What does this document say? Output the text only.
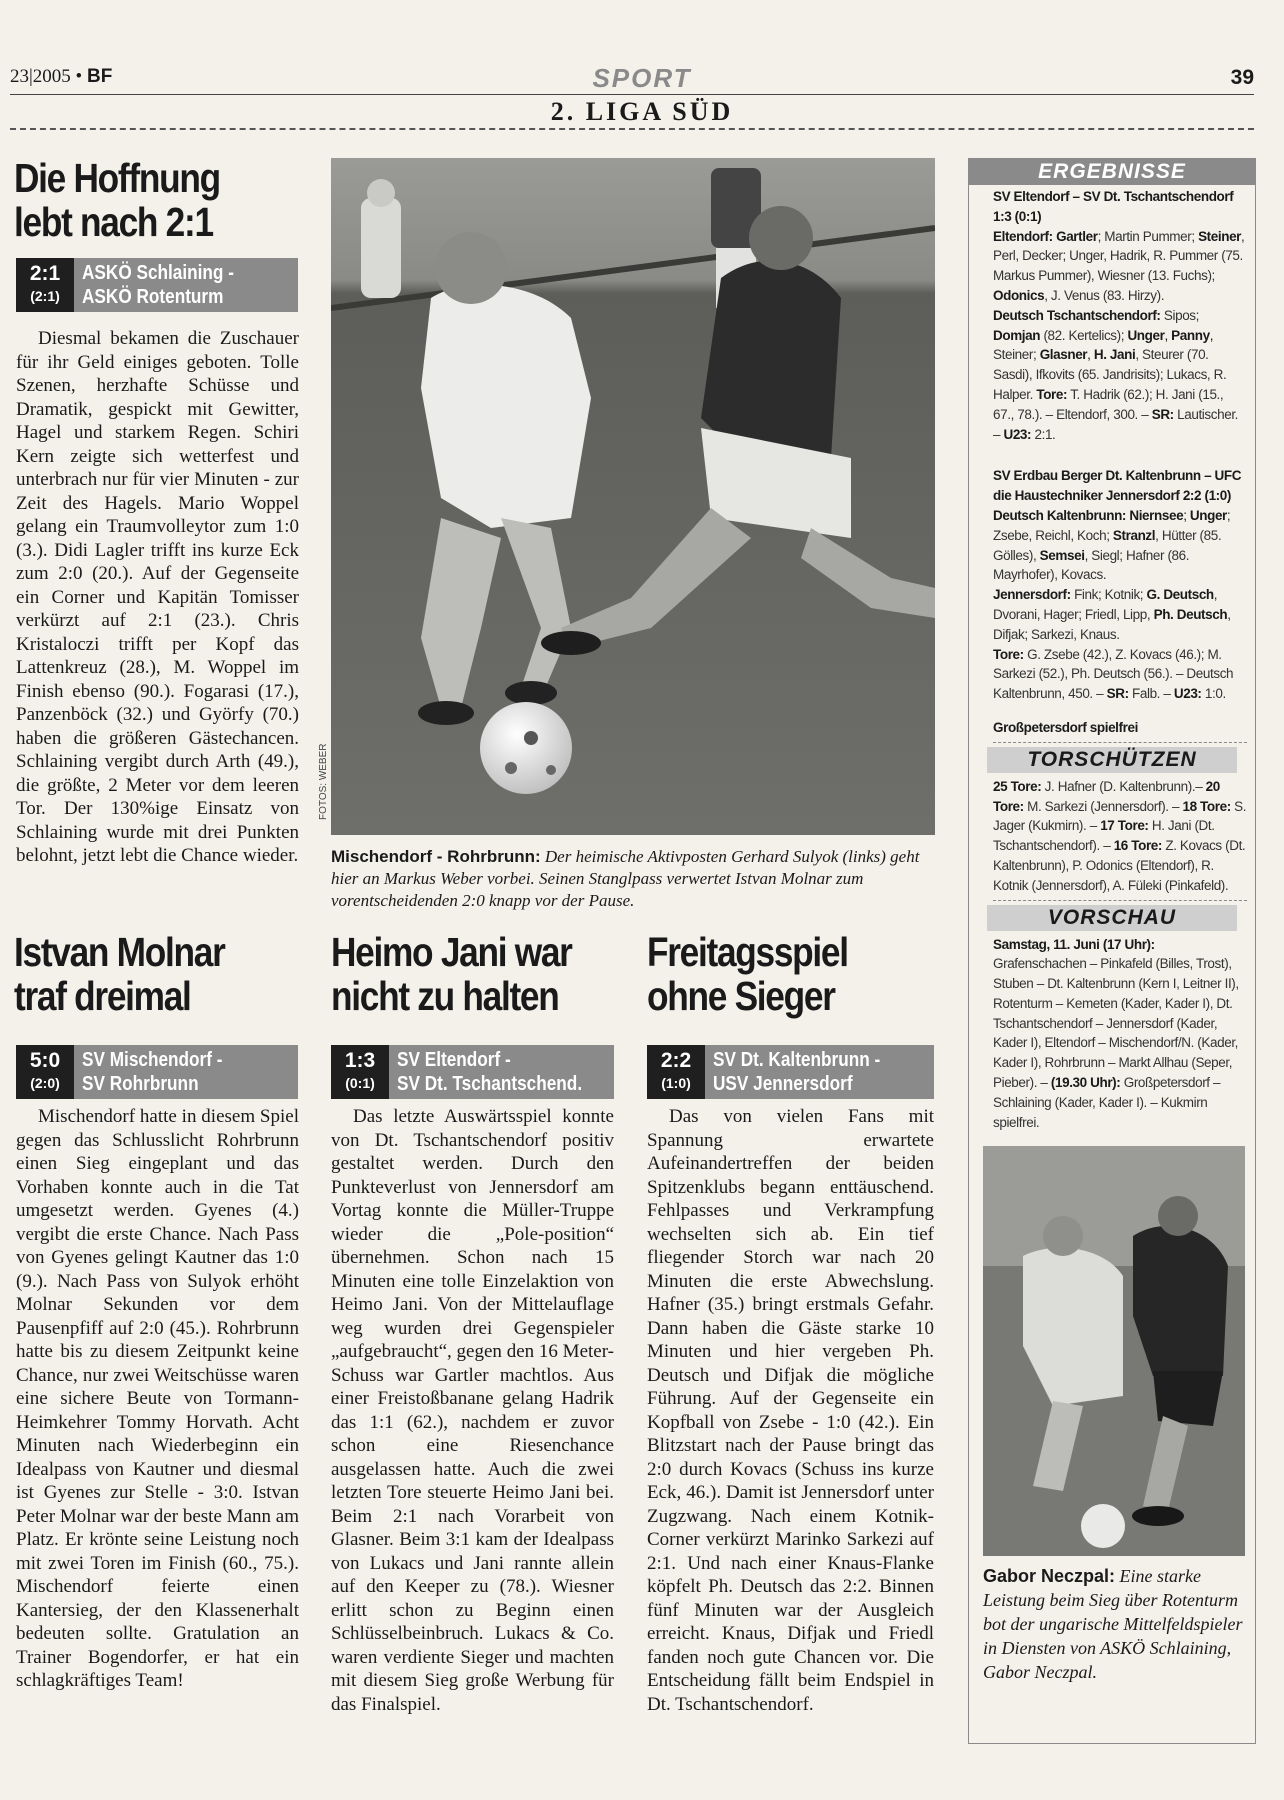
23|2005 • BF	SPORT	39
2. LIGA SÜD
Die Hoffnung
lebt nach 2:1
2:1
(2:1)
ASKÖ Schlaining -
ASKÖ Rotenturm
Diesmal bekamen die Zuschauer für ihr Geld einiges geboten. Tolle Szenen, herzhafte Schüsse und Dramatik, gespickt mit Gewitter, Hagel und starkem Regen. Schiri Kern zeigte sich wetterfest und unterbrach nur für vier Minuten - zur Zeit des Hagels. Mario Woppel gelang ein Traumvolleytor zum 1:0 (3.). Didi Lagler trifft ins kurze Eck zum 2:0 (20.). Auf der Gegenseite ein Corner und Kapitän Tomisser verkürzt auf 2:1 (23.). Chris Kristaloczi trifft per Kopf das Lattenkreuz (28.), M. Woppel im Finish ebenso (90.). Fogarasi (17.), Panzenböck (32.) und Györfy (70.) haben die größeren Gästechancen. Schlaining vergibt durch Arth (49.), die größte, 2 Meter vor dem leeren Tor. Der 130%ige Einsatz von Schlaining wurde mit drei Punkten belohnt, jetzt lebt die Chance wieder.
FOTOS: WEBER
Mischendorf - Rohrbrunn: Der heimische Aktivposten Gerhard Sulyok (links) geht hier an Markus Weber vorbei. Seinen Stanglpass verwertet Istvan Molnar zum vorentscheidenden 2:0 knapp vor der Pause.
Istvan Molnar
traf dreimal
5:0
(2:0)
SV Mischendorf -
SV Rohrbrunn
Mischendorf hatte in diesem Spiel gegen das Schlusslicht Rohrbrunn einen Sieg eingeplant und das Vorhaben konnte auch in die Tat umgesetzt werden. Gyenes (4.) vergibt die erste Chance. Nach Pass von Gyenes gelingt Kautner das 1:0 (9.). Nach Pass von Sulyok erhöht Molnar Sekunden vor dem Pausenpfiff auf 2:0 (45.). Rohrbrunn hatte bis zu diesem Zeitpunkt keine Chance, nur zwei Weitschüsse waren eine sichere Beute von Tormann-Heimkehrer Tommy Horvath. Acht Minuten nach Wiederbeginn ein Idealpass von Kautner und diesmal ist Gyenes zur Stelle - 3:0. Istvan Peter Molnar war der beste Mann am Platz. Er krönte seine Leistung noch mit zwei Toren im Finish (60., 75.). Mischendorf feierte einen Kantersieg, der den Klassenerhalt bedeuten sollte. Gratulation an Trainer Bogendorfer, er hat ein schlagkräftiges Team!
Heimo Jani war
nicht zu halten
1:3
(0:1)
SV Eltendorf -
SV Dt. Tschantschend.
Das letzte Auswärtsspiel konnte von Dt. Tschantschendorf positiv gestaltet werden. Durch den Punkteverlust von Jennersdorf am Vortag konnte die Müller-Truppe wieder die „Pole-position“ übernehmen. Schon nach 15 Minuten eine tolle Einzelaktion von Heimo Jani. Von der Mittelauflage weg wurden drei Gegenspieler „aufgebraucht“, gegen den 16 Meter-Schuss war Gartler machtlos. Aus einer Freistoßbanane gelang Hadrik das 1:1 (62.), nachdem er zuvor schon eine Riesenchance ausgelassen hatte. Auch die zwei letzten Tore steuerte Heimo Jani bei. Beim 2:1 nach Vorarbeit von Glasner. Beim 3:1 kam der Idealpass von Lukacs und Jani rannte allein auf den Keeper zu (78.). Wiesner erlitt schon zu Beginn einen Schlüsselbeinbruch. Lukacs & Co. waren verdiente Sieger und machten mit diesem Sieg große Werbung für das Finalspiel.
Freitagsspiel
ohne Sieger
2:2
(1:0)
SV Dt. Kaltenbrunn -
USV Jennersdorf
Das von vielen Fans mit Spannung erwartete Aufeinandertreffen der beiden Spitzenklubs begann enttäuschend. Fehlpasses und Verkrampfung wechselten sich ab. Ein tief fliegender Storch war nach 20 Minuten die erste Abwechslung. Hafner (35.) bringt erstmals Gefahr. Dann haben die Gäste starke 10 Minuten und hier vergeben Ph. Deutsch und Difjak die mögliche Führung. Auf der Gegenseite ein Kopfball von Zsebe - 1:0 (42.). Ein Blitzstart nach der Pause bringt das 2:0 durch Kovacs (Schuss ins kurze Eck, 46.). Damit ist Jennersdorf unter Zugzwang. Nach einem Kotnik-Corner verkürzt Marinko Sarkezi auf 2:1. Und nach einer Knaus-Flanke köpfelt Ph. Deutsch das 2:2. Binnen fünf Minuten war der Ausgleich erreicht. Knaus, Difjak und Friedl fanden noch gute Chancen vor. Die Entscheidung fällt beim Endspiel in Dt. Tschantschendorf.
ERGEBNISSE
SV Eltendorf – SV Dt. Tschantschendorf 1:3 (0:1)
Eltendorf: Gartler; Martin Pummer; Steiner, Perl, Decker; Unger, Hadrik, R. Pummer (75. Markus Pummer), Wiesner (13. Fuchs); Odonics, J. Venus (83. Hirzy).
Deutsch Tschantschendorf: Sipos; Domjan (82. Kertelics); Unger, Panny, Steiner; Glasner, H. Jani, Steurer (70. Sasdi), Ifkovits (65. Jandrisits); Lukacs, R. Halper. Tore: T. Hadrik (62.); H. Jani (15., 67., 78.). – Eltendorf, 300. – SR: Lautischer. – U23: 2:1.
SV Erdbau Berger Dt. Kaltenbrunn – UFC die Haustechniker Jennersdorf 2:2 (1:0)
Deutsch Kaltenbrunn: Niernsee; Unger; Zsebe, Reichl, Koch; Stranzl, Hütter (85. Gölles), Semsei, Siegl; Hafner (86. Mayrhofer), Kovacs.
Jennersdorf: Fink; Kotnik; G. Deutsch, Dvorani, Hager; Friedl, Lipp, Ph. Deutsch, Difjak; Sarkezi, Knaus.
Tore: G. Zsebe (42.), Z. Kovacs (46.); M. Sarkezi (52.), Ph. Deutsch (56.). – Deutsch Kaltenbrunn, 450. – SR: Falb. – U23: 1:0.
Großpetersdorf spielfrei
TORSCHÜTZEN
25 Tore: J. Hafner (D. Kaltenbrunn).– 20 Tore: M. Sarkezi (Jennersdorf). – 18 Tore: S. Jager (Kukmirn). – 17 Tore: H. Jani (Dt. Tschantschendorf). – 16 Tore: Z. Kovacs (Dt. Kaltenbrunn), P. Odonics (Eltendorf), R. Kotnik (Jennersdorf), A. Füleki (Pinkafeld).
VORSCHAU
Samstag, 11. Juni (17 Uhr): Grafenschachen – Pinkafeld (Billes, Trost), Stuben – Dt. Kaltenbrunn (Kern I, Leitner II), Rotenturm – Kemeten (Kader, Kader I), Dt. Tschantschendorf – Jennersdorf (Kader, Kader I), Eltendorf – Mischendorf/N. (Kader, Kader I), Rohrbrunn – Markt Allhau (Seper, Pieber). – (19.30 Uhr): Großpetersdorf – Schlaining (Kader, Kader I). – Kukmirn spielfrei.
Gabor Neczpal: Eine starke Leistung beim Sieg über Rotenturm bot der ungarische Mittelfeldspieler in Diensten von ASKÖ Schlaining, Gabor Neczpal.
